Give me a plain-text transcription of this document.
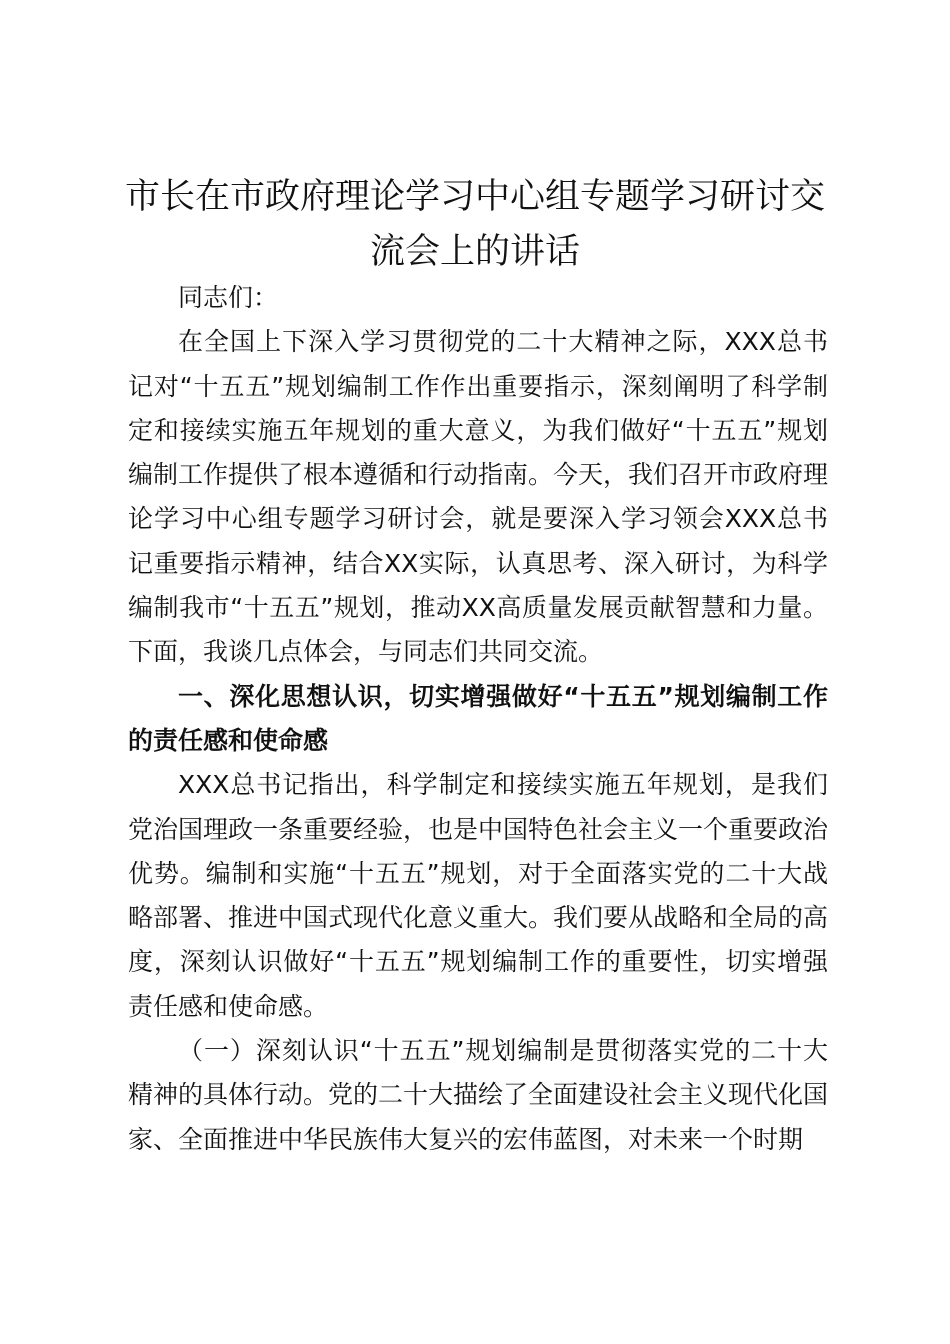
市长在市政府理论学习中心组专题学习研讨交流会上的讲话

同志们：

在全国上下深入学习贯彻党的二十大精神之际，XXX总书记对“十五五”规划编制工作作出重要指示，深刻阐明了科学制定和接续实施五年规划的重大意义，为我们做好“十五五”规划编制工作提供了根本遵循和行动指南。今天，我们召开市政府理论学习中心组专题学习研讨会，就是要深入学习领会XXX总书记重要指示精神，结合XX实际，认真思考、深入研讨，为科学编制我市“十五五”规划，推动XX高质量发展贡献智慧和力量。下面，我谈几点体会，与同志们共同交流。

一、深化思想认识，切实增强做好“十五五”规划编制工作的责任感和使命感

XXX总书记指出，科学制定和接续实施五年规划，是我们党治国理政一条重要经验，也是中国特色社会主义一个重要政治优势。编制和实施“十五五”规划，对于全面落实党的二十大战略部署、推进中国式现代化意义重大。我们要从战略和全局的高度，深刻认识做好“十五五”规划编制工作的重要性，切实增强责任感和使命感。

（一）深刻认识“十五五”规划编制是贯彻落实党的二十大精神的具体行动。党的二十大描绘了全面建设社会主义现代化国家、全面推进中华民族伟大复兴的宏伟蓝图，对未来一个时期
